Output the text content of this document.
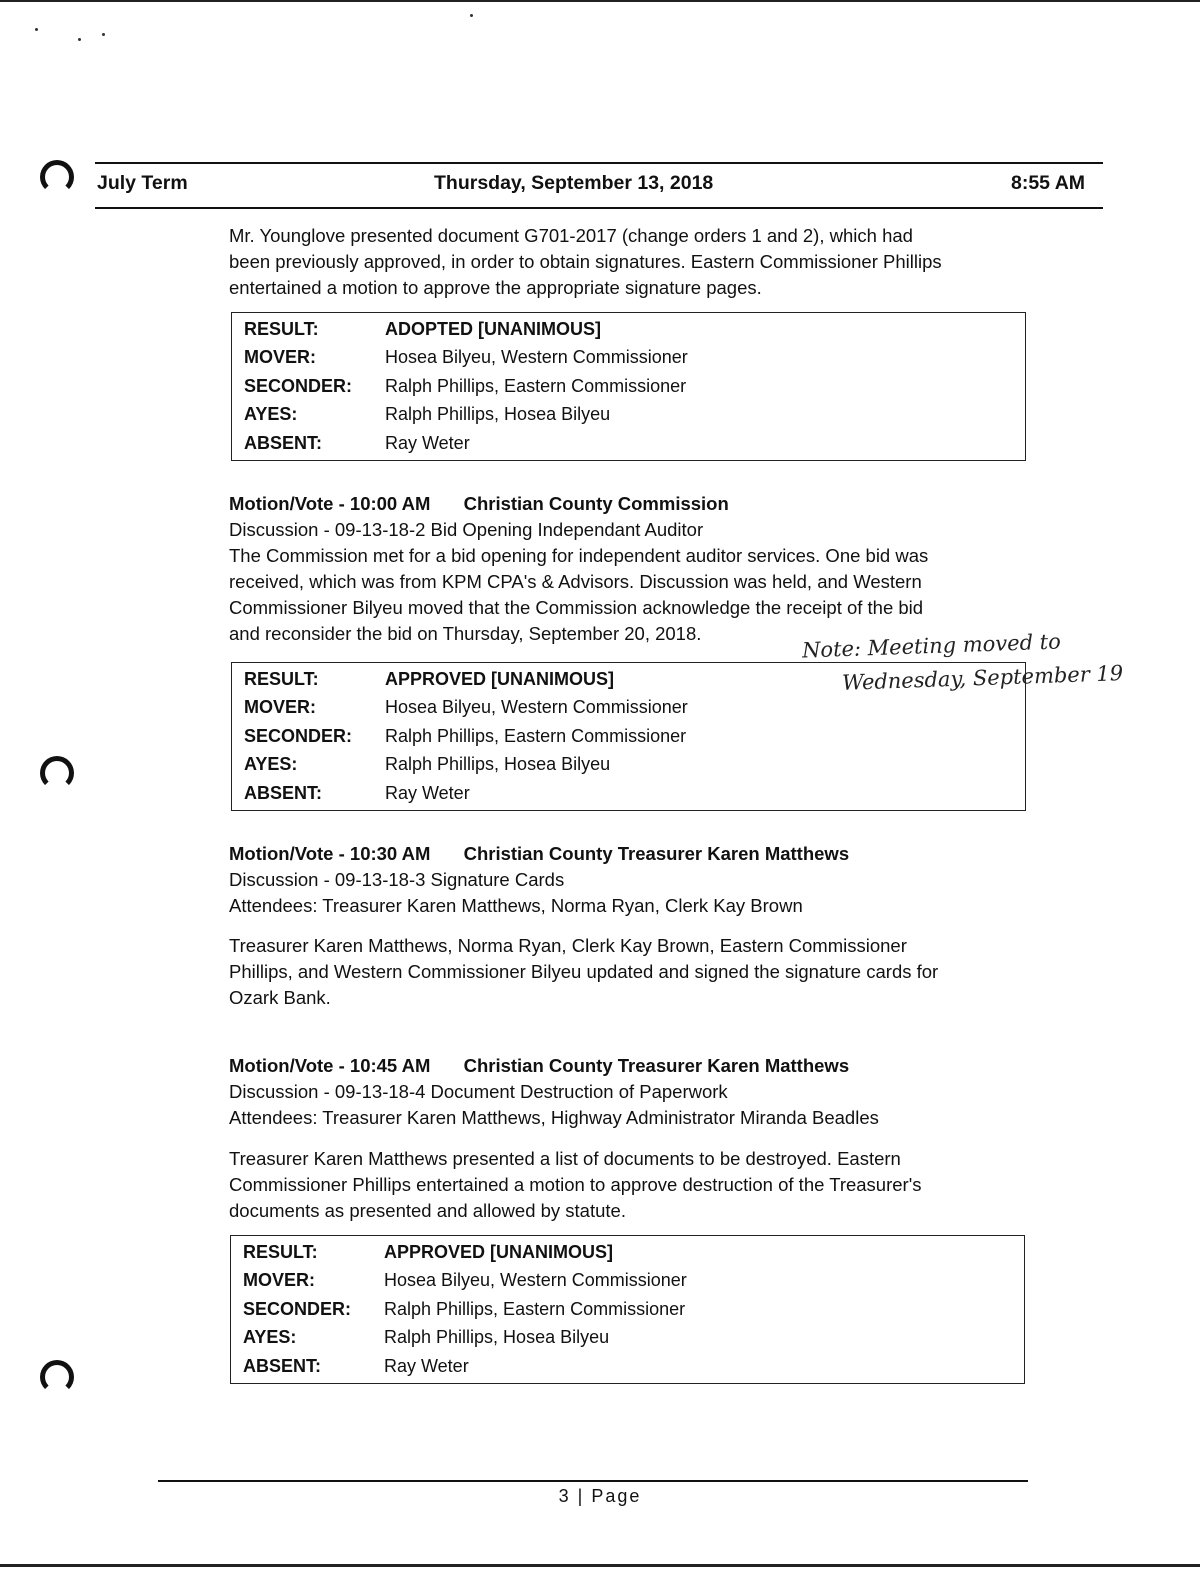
July Term	Thursday, September 13, 2018	8:55 AM

Mr. Younglove presented document G701-2017 (change orders 1 and 2), which had

been previously approved, in order to obtain signatures. Eastern Commissioner Phillips

entertained a motion to approve the appropriate signature pages.

RESULT:	ADOPTED [UNANIMOUS]
MOVER:	Hosea Bilyeu, Western Commissioner
SECONDER:	Ralph Phillips, Eastern Commissioner
AYES:	Ralph Phillips, Hosea Bilyeu
ABSENT:	Ray Weter

Motion/Vote - 10:00 AM Christian County Commission

Discussion - 09-13-18-2 Bid Opening Independant Auditor

The Commission met for a bid opening for independent auditor services. One bid was

received, which was from KPM CPA's & Advisors. Discussion was held, and Western

Commissioner Bilyeu moved that the Commission acknowledge the receipt of the bid

and reconsider the bid on Thursday, September 20, 2018.	Note: Meeting moved to
Wednesday, September 19
RESULT:	APPROVED [UNANIMOUS]
MOVER:	Hosea Bilyeu, Western Commissioner
SECONDER:	Ralph Phillips, Eastern Commissioner
AYES:	Ralph Phillips, Hosea Bilyeu
ABSENT:	Ray Weter

Motion/Vote - 10:30 AM Christian County Treasurer Karen Matthews

Discussion - 09-13-18-3 Signature Cards

Attendees: Treasurer Karen Matthews, Norma Ryan, Clerk Kay Brown

Treasurer Karen Matthews, Norma Ryan, Clerk Kay Brown, Eastern Commissioner

Phillips, and Western Commissioner Bilyeu updated and signed the signature cards for

Ozark Bank.

Motion/Vote - 10:45 AM Christian County Treasurer Karen Matthews

Discussion - 09-13-18-4 Document Destruction of Paperwork

Attendees: Treasurer Karen Matthews, Highway Administrator Miranda Beadles

Treasurer Karen Matthews presented a list of documents to be destroyed. Eastern

Commissioner Phillips entertained a motion to approve destruction of the Treasurer's

documents as presented and allowed by statute.

RESULT:	APPROVED [UNANIMOUS]
MOVER:	Hosea Bilyeu, Western Commissioner
SECONDER:	Ralph Phillips, Eastern Commissioner
AYES:	Ralph Phillips, Hosea Bilyeu
ABSENT:	Ray Weter
3 | Page
